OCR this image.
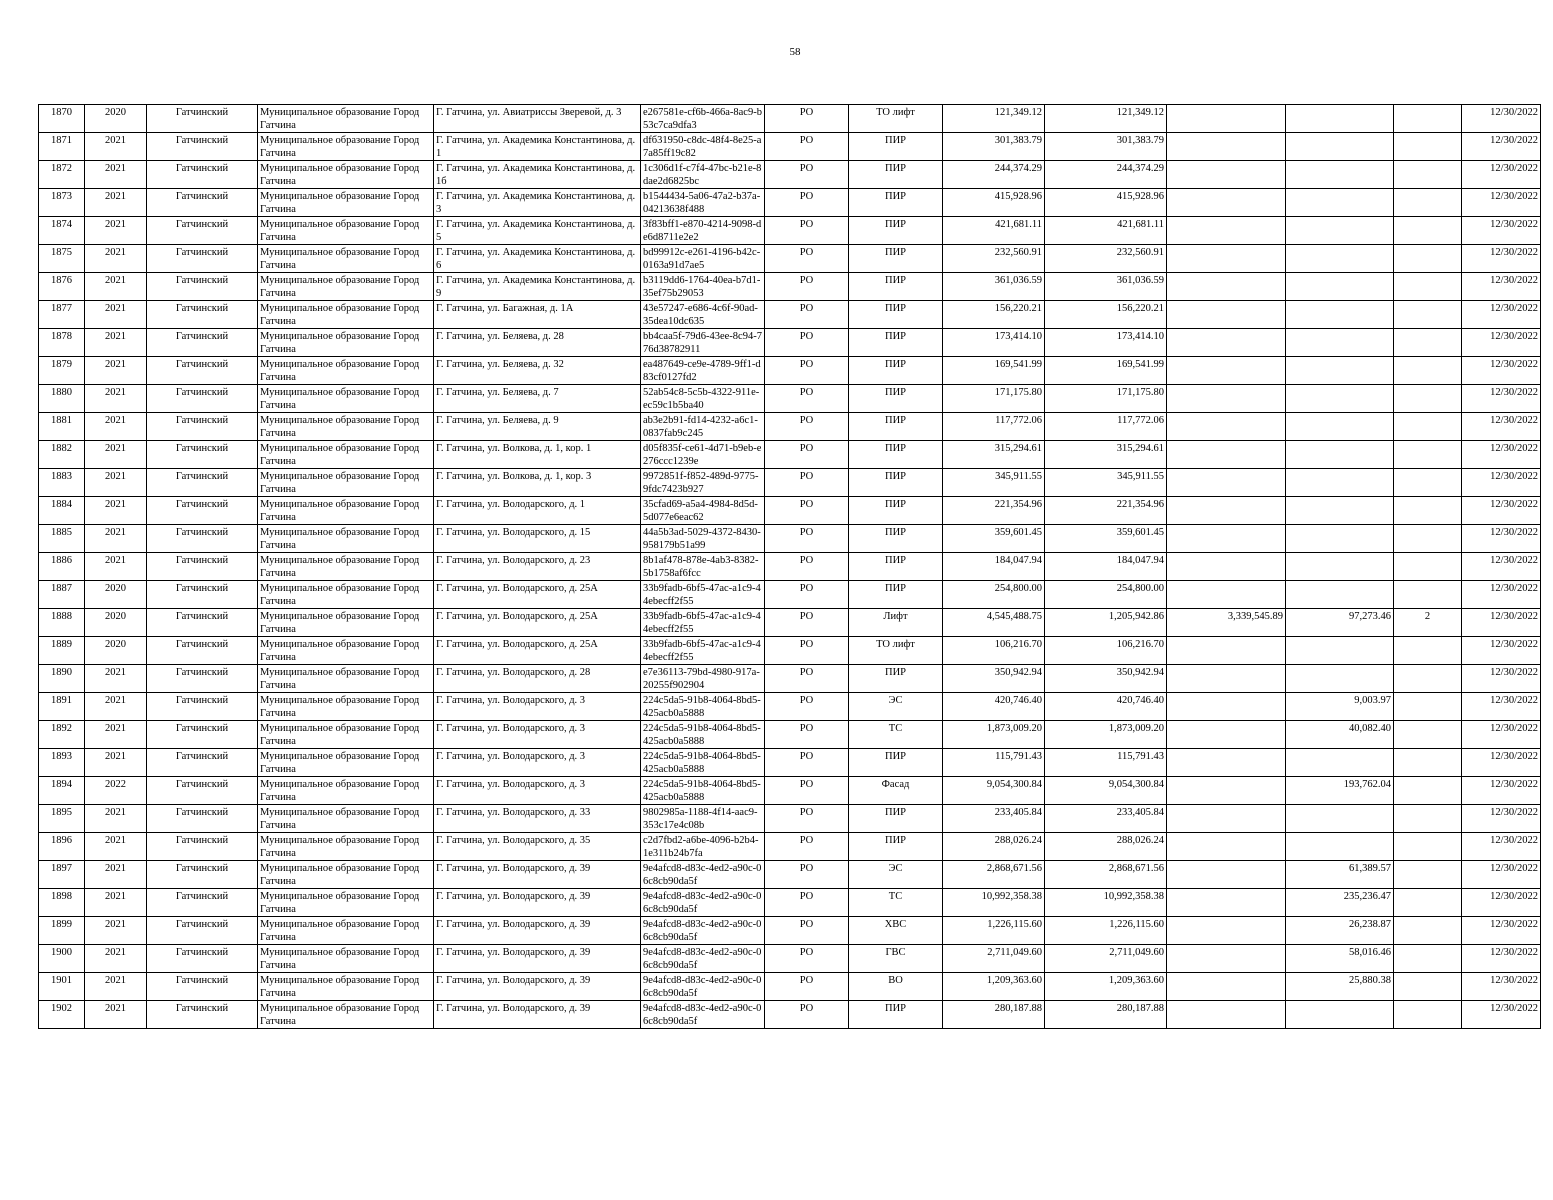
58
1870	2020	Гатчинский	Муниципальное образование Город Гатчина	Г. Гатчина, ул. Авиатриссы Зверевой, д. 3	e267581e-cf6b-466a-8ac9-b53c7ca9dfa3	РО	ТО лифт	121,349.12	121,349.12				12/30/2022
1871	2021	Гатчинский	Муниципальное образование Город Гатчина	Г. Гатчина, ул. Академика Константинова, д. 1	dfб31950-c8dc-48f4-8e25-a7a85ff19c82	РО	ПИР	301,383.79	301,383.79				12/30/2022
1872	2021	Гатчинский	Муниципальное образование Город Гатчина	Г. Гатчина, ул. Академика Константинова, д. 1б	1c306d1f-c7f4-47bc-b21e-8dae2d6825bc	РО	ПИР	244,374.29	244,374.29				12/30/2022
1873	2021	Гатчинский	Муниципальное образование Город Гатчина	Г. Гатчина, ул. Академика Константинова, д. 3	b1544434-5a06-47a2-b37a-04213638f488	РО	ПИР	415,928.96	415,928.96				12/30/2022
1874	2021	Гатчинский	Муниципальное образование Город Гатчина	Г. Гатчина, ул. Академика Константинова, д. 5	3f83bff1-e870-4214-9098-de6d8711e2e2	РО	ПИР	421,681.11	421,681.11				12/30/2022
1875	2021	Гатчинский	Муниципальное образование Город Гатчина	Г. Гатчина, ул. Академика Константинова, д. 6	bd99912c-e261-4196-b42c-0163a91d7ae5	РО	ПИР	232,560.91	232,560.91				12/30/2022
1876	2021	Гатчинский	Муниципальное образование Город Гатчина	Г. Гатчина, ул. Академика Константинова, д. 9	b3119dd6-1764-40ea-b7d1-35ef75b29053	РО	ПИР	361,036.59	361,036.59				12/30/2022
1877	2021	Гатчинский	Муниципальное образование Город Гатчина	Г. Гатчина, ул. Багажная, д. 1А	43e57247-e686-4c6f-90ad-35dea10dc635	РО	ПИР	156,220.21	156,220.21				12/30/2022
1878	2021	Гатчинский	Муниципальное образование Город Гатчина	Г. Гатчина, ул. Беляева, д. 28	bb4caa5f-79d6-43ee-8c94-776d38782911	РО	ПИР	173,414.10	173,414.10				12/30/2022
1879	2021	Гатчинский	Муниципальное образование Город Гатчина	Г. Гатчина, ул. Беляева, д. 32	ea487649-ce9e-4789-9ff1-d83cf0127fd2	РО	ПИР	169,541.99	169,541.99				12/30/2022
1880	2021	Гатчинский	Муниципальное образование Город Гатчина	Г. Гатчина, ул. Беляева, д. 7	52ab54c8-5c5b-4322-911e-ec59c1b5ba40	РО	ПИР	171,175.80	171,175.80				12/30/2022
1881	2021	Гатчинский	Муниципальное образование Город Гатчина	Г. Гатчина, ул. Беляева, д. 9	ab3e2b91-fd14-4232-a6c1-0837fab9c245	РО	ПИР	117,772.06	117,772.06				12/30/2022
1882	2021	Гатчинский	Муниципальное образование Город Гатчина	Г. Гатчина, ул. Волкова, д. 1, кор. 1	d05f835f-ce61-4d71-b9eb-e276ccc1239e	РО	ПИР	315,294.61	315,294.61				12/30/2022
1883	2021	Гатчинский	Муниципальное образование Город Гатчина	Г. Гатчина, ул. Волкова, д. 1, кор. 3	9972851f-f852-489d-9775-9fdc7423b927	РО	ПИР	345,911.55	345,911.55				12/30/2022
1884	2021	Гатчинский	Муниципальное образование Город Гатчина	Г. Гатчина, ул. Володарского, д. 1	35cfad69-a5a4-4984-8d5d-5d077e6eac62	РО	ПИР	221,354.96	221,354.96				12/30/2022
1885	2021	Гатчинский	Муниципальное образование Город Гатчина	Г. Гатчина, ул. Володарского, д. 15	44a5b3ad-5029-4372-8430-958179b51a99	РО	ПИР	359,601.45	359,601.45				12/30/2022
1886	2021	Гатчинский	Муниципальное образование Город Гатчина	Г. Гатчина, ул. Володарского, д. 23	8b1af478-878e-4ab3-8382-5b1758af6fcc	РО	ПИР	184,047.94	184,047.94				12/30/2022
1887	2020	Гатчинский	Муниципальное образование Город Гатчина	Г. Гатчина, ул. Володарского, д. 25А	33b9fadb-6bf5-47ac-a1c9-44ebecff2f55	РО	ПИР	254,800.00	254,800.00				12/30/2022
1888	2020	Гатчинский	Муниципальное образование Город Гатчина	Г. Гатчина, ул. Володарского, д. 25А	33b9fadb-6bf5-47ac-a1c9-44ebecff2f55	РО	Лифт	4,545,488.75	1,205,942.86	3,339,545.89	97,273.46	2	12/30/2022
1889	2020	Гатчинский	Муниципальное образование Город Гатчина	Г. Гатчина, ул. Володарского, д. 25А	33b9fadb-6bf5-47ac-a1c9-44ebecff2f55	РО	ТО лифт	106,216.70	106,216.70				12/30/2022
1890	2021	Гатчинский	Муниципальное образование Город Гатчина	Г. Гатчина, ул. Володарского, д. 28	e7e36113-79bd-4980-917a-20255f902904	РО	ПИР	350,942.94	350,942.94				12/30/2022
1891	2021	Гатчинский	Муниципальное образование Город Гатчина	Г. Гатчина, ул. Володарского, д. 3	224c5da5-91b8-4064-8bd5-425acb0a5888	РО	ЭС	420,746.40	420,746.40		9,003.97		12/30/2022
1892	2021	Гатчинский	Муниципальное образование Город Гатчина	Г. Гатчина, ул. Володарского, д. 3	224c5da5-91b8-4064-8bd5-425acb0a5888	РО	ТС	1,873,009.20	1,873,009.20		40,082.40		12/30/2022
1893	2021	Гатчинский	Муниципальное образование Город Гатчина	Г. Гатчина, ул. Володарского, д. 3	224c5da5-91b8-4064-8bd5-425acb0a5888	РО	ПИР	115,791.43	115,791.43				12/30/2022
1894	2022	Гатчинский	Муниципальное образование Город Гатчина	Г. Гатчина, ул. Володарского, д. 3	224c5da5-91b8-4064-8bd5-425acb0a5888	РО	Фасад	9,054,300.84	9,054,300.84		193,762.04		12/30/2022
1895	2021	Гатчинский	Муниципальное образование Город Гатчина	Г. Гатчина, ул. Володарского, д. 33	9802985a-1188-4f14-aac9-353c17e4c08b	РО	ПИР	233,405.84	233,405.84				12/30/2022
1896	2021	Гатчинский	Муниципальное образование Город Гатчина	Г. Гатчина, ул. Володарского, д. 35	c2d7fbd2-a6be-4096-b2b4-1e311b24b7fa	РО	ПИР	288,026.24	288,026.24				12/30/2022
1897	2021	Гатчинский	Муниципальное образование Город Гатчина	Г. Гатчина, ул. Володарского, д. 39	9e4afcd8-d83c-4ed2-a90c-06c8cb90da5f	РО	ЭС	2,868,671.56	2,868,671.56		61,389.57		12/30/2022
1898	2021	Гатчинский	Муниципальное образование Город Гатчина	Г. Гатчина, ул. Володарского, д. 39	9e4afcd8-d83c-4ed2-a90c-06c8cb90da5f	РО	ТС	10,992,358.38	10,992,358.38		235,236.47		12/30/2022
1899	2021	Гатчинский	Муниципальное образование Город Гатчина	Г. Гатчина, ул. Володарского, д. 39	9e4afcd8-d83c-4ed2-a90c-06c8cb90da5f	РО	ХВС	1,226,115.60	1,226,115.60		26,238.87		12/30/2022
1900	2021	Гатчинский	Муниципальное образование Город Гатчина	Г. Гатчина, ул. Володарского, д. 39	9e4afcd8-d83c-4ed2-a90c-06c8cb90da5f	РО	ГВС	2,711,049.60	2,711,049.60		58,016.46		12/30/2022
1901	2021	Гатчинский	Муниципальное образование Город Гатчина	Г. Гатчина, ул. Володарского, д. 39	9e4afcd8-d83c-4ed2-a90c-06c8cb90da5f	РО	ВО	1,209,363.60	1,209,363.60		25,880.38		12/30/2022
1902	2021	Гатчинский	Муниципальное образование Город Гатчина	Г. Гатчина, ул. Володарского, д. 39	9e4afcd8-d83c-4ed2-a90c-06c8cb90da5f	РО	ПИР	280,187.88	280,187.88				12/30/2022
